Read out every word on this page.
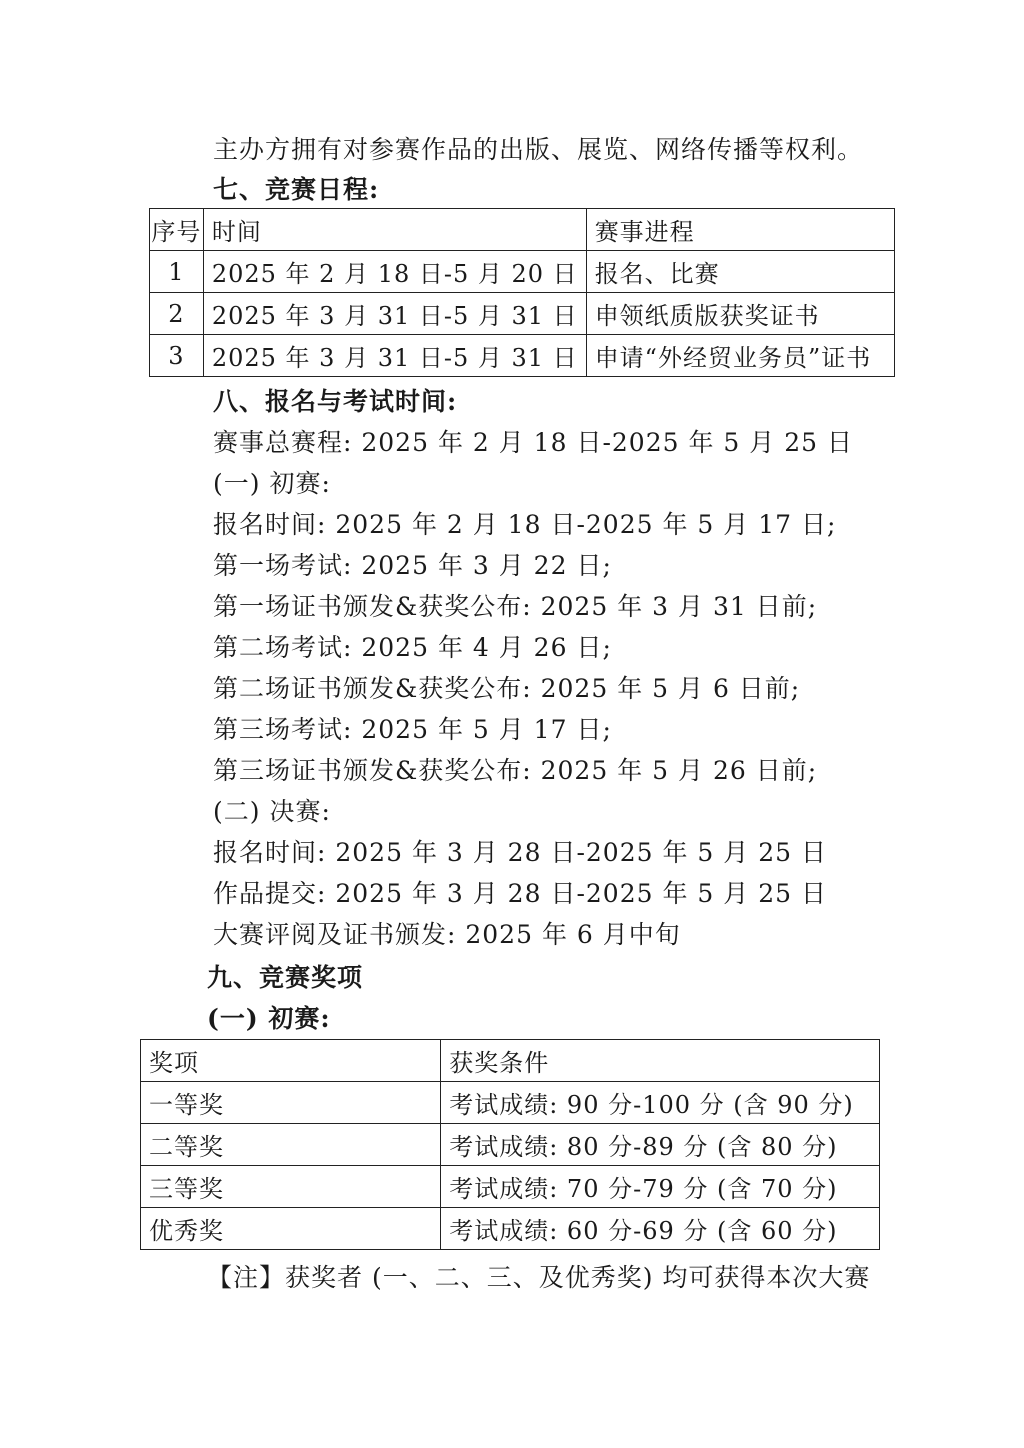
主办方拥有对参赛作品的出版、展览、网络传播等权利。
七、竞赛日程:
序号	时间	赛事进程
1	2025 年 2 月 18 日-5 月 20 日	报名、比赛
2	2025 年 3 月 31 日-5 月 31 日	申领纸质版获奖证书
3	2025 年 3 月 31 日-5 月 31 日	申请“外经贸业务员”证书
八、报名与考试时间:
赛事总赛程: 2025 年 2 月 18 日-2025 年 5 月 25 日
(一) 初赛:
报名时间: 2025 年 2 月 18 日-2025 年 5 月 17 日;
第一场考试: 2025 年 3 月 22 日;
第一场证书颁发&获奖公布: 2025 年 3 月 31 日前;
第二场考试: 2025 年 4 月 26 日;
第二场证书颁发&获奖公布: 2025 年 5 月 6 日前;
第三场考试: 2025 年 5 月 17 日;
第三场证书颁发&获奖公布: 2025 年 5 月 26 日前;
(二) 决赛:
报名时间: 2025 年 3 月 28 日-2025 年 5 月 25 日
作品提交: 2025 年 3 月 28 日-2025 年 5 月 25 日
大赛评阅及证书颁发: 2025 年 6 月中旬
九、竞赛奖项
(一) 初赛:
奖项	获奖条件
一等奖	考试成绩: 90 分-100 分 (含 90 分)
二等奖	考试成绩: 80 分-89 分 (含 80 分)
三等奖	考试成绩: 70 分-79 分 (含 70 分)
优秀奖	考试成绩: 60 分-69 分 (含 60 分)
【注】获奖者 (一、二、三、及优秀奖) 均可获得本次大赛
